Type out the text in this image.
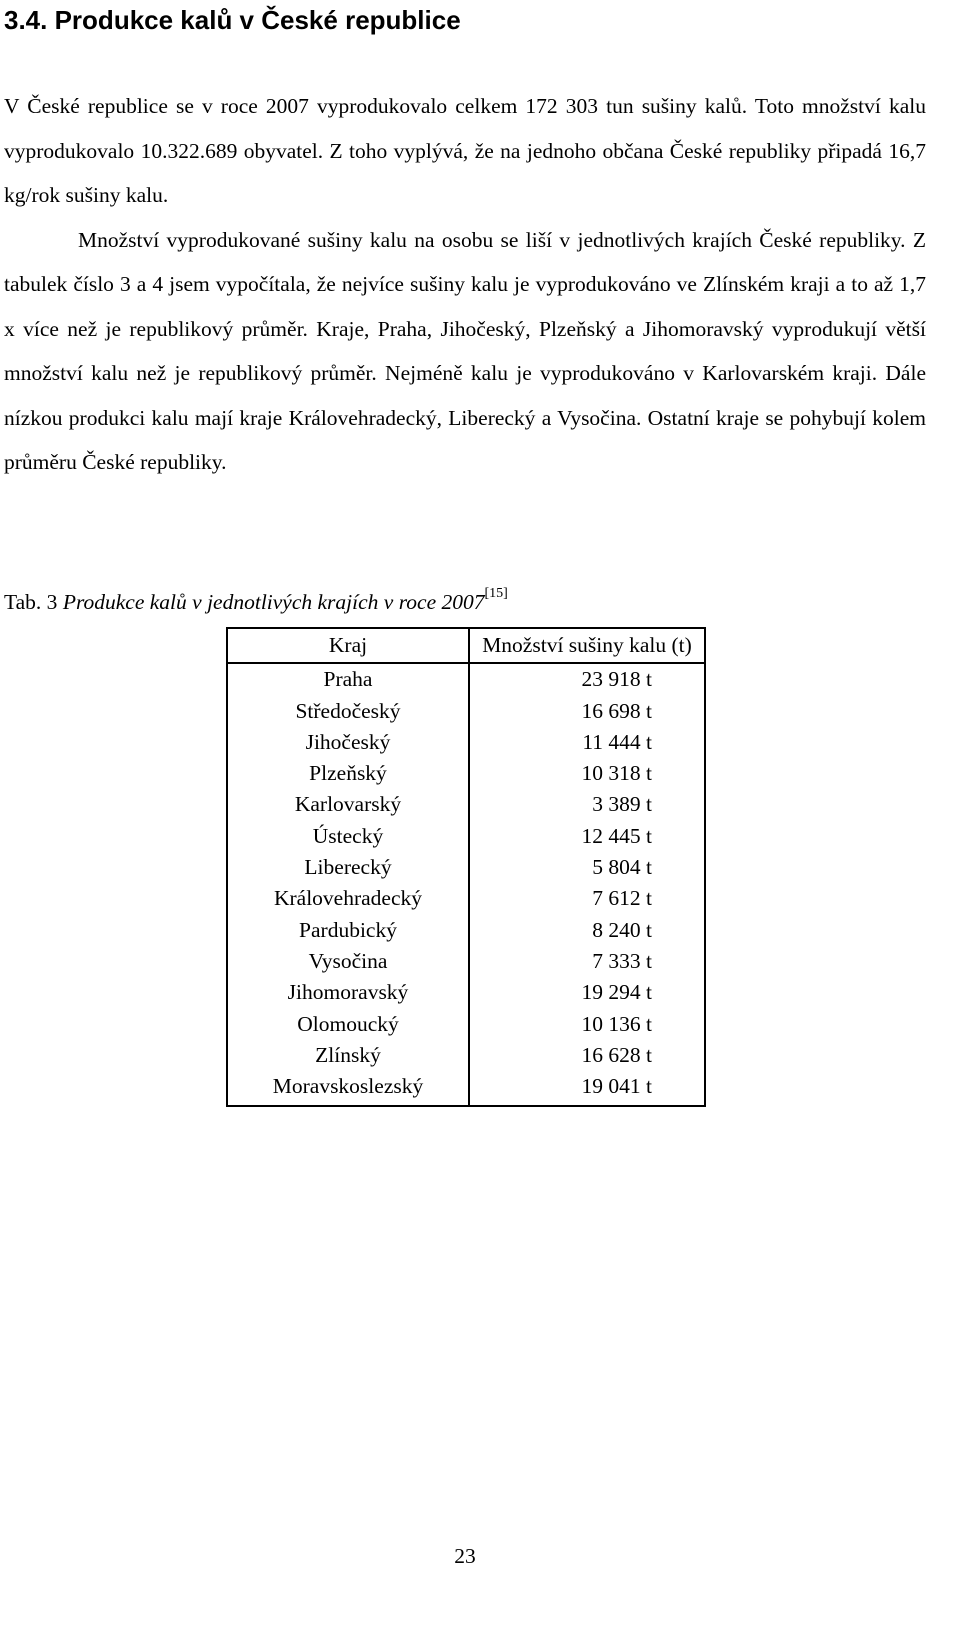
3.4. Produkce kalů v České republice

V České republice se v roce 2007 vyprodukovalo celkem 172 303 tun sušiny kalů. Toto množství kalu vyprodukovalo 10.322.689 obyvatel. Z toho vyplývá, že na jednoho občana České republiky připadá 16,7 kg/rok sušiny kalu.

Množství vyprodukované sušiny kalu na osobu se liší v jednotlivých krajích České republiky. Z tabulek číslo 3 a 4 jsem vypočítala, že nejvíce sušiny kalu je vyprodukováno ve Zlínském kraji a to až 1,7 x více než je republikový průměr. Kraje, Praha, Jihočeský, Plzeňský a Jihomoravský vyprodukují větší množství kalu než je republikový průměr. Nejméně kalu je vyprodukováno v Karlovarském kraji. Dále nízkou produkci kalu mají kraje Královehradecký, Liberecký a Vysočina. Ostatní kraje se pohybují kolem průměru České republiky.

Tab. 3 Produkce kalů v jednotlivých krajích v roce 2007[15]
Kraj	Množství sušiny kalu (t)
Praha	23 918 t
Středočeský	16 698 t
Jihočeský	11 444 t
Plzeňský	10 318 t
Karlovarský	3 389 t
Ústecký	12 445 t
Liberecký	5 804 t
Královehradecký	7 612 t
Pardubický	8 240 t
Vysočina	7 333 t
Jihomoravský	19 294 t
Olomoucký	10 136 t
Zlínský	16 628 t
Moravskoslezský	19 041 t
23
